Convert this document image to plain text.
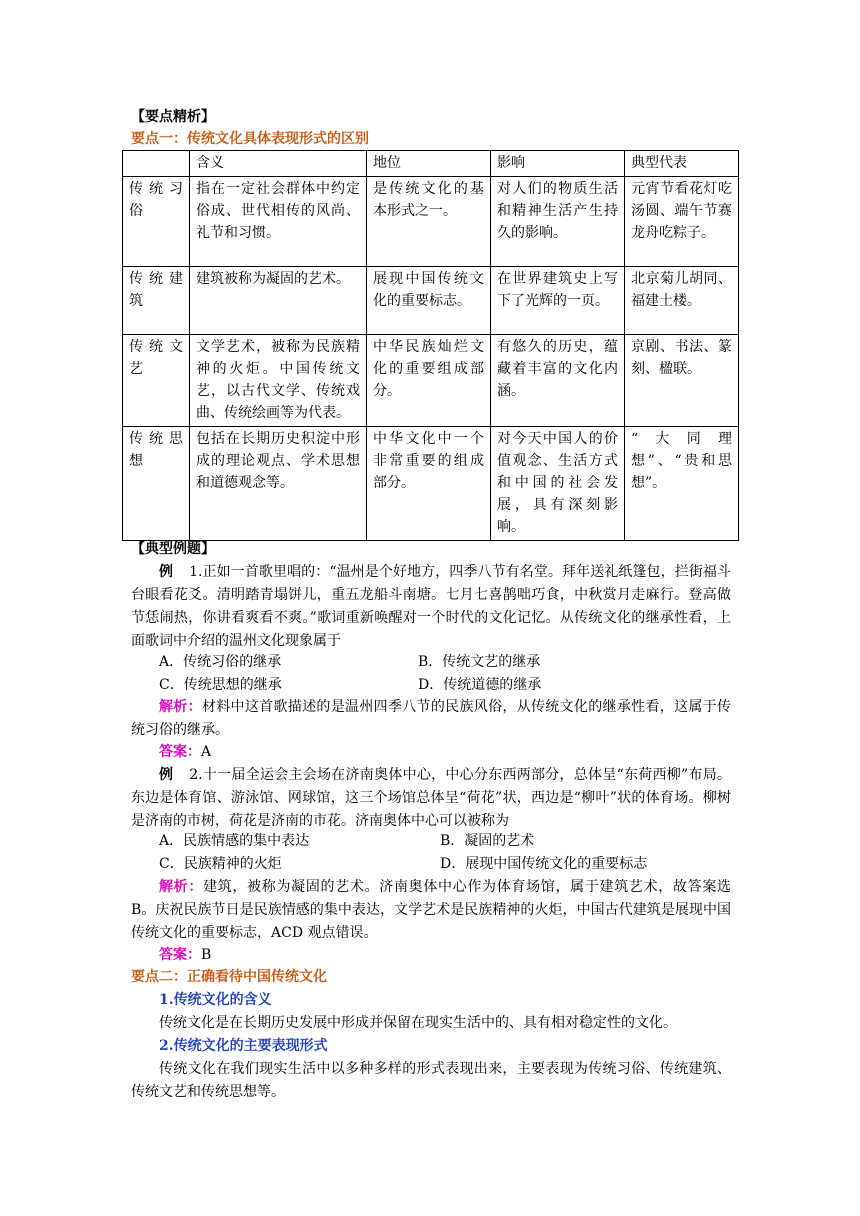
【要点精析】
要点一：传统文化具体表现形式的区别
	含义	地位	影响	典型代表
传统习俗	指在一定社会群体中约定俗成、世代相传的风尚、礼节和习惯。	是传统文化的基本形式之一。	对人们的物质生活和精神生活产生持久的影响。	元宵节看花灯吃汤圆、端午节赛龙舟吃粽子。
传统建筑	建筑被称为凝固的艺术。	展现中国传统文化的重要标志。	在世界建筑史上写下了光辉的一页。	北京菊儿胡同、福建土楼。
传统文艺	文学艺术，被称为民族精神的火炬。中国传统文艺，以古代文学、传统戏曲、传统绘画等为代表。	中华民族灿烂文化的重要组成部分。	有悠久的历史，蕴藏着丰富的文化内涵。	京剧、书法、篆刻、楹联。
传统思想	包括在长期历史积淀中形成的理论观点、学术思想和道德观念等。	中华文化中一个非常重要的组成部分。	对今天中国人的价值观念、生活方式和中国的社会发展，具有深刻影响。	“大同理想”、“贵和思想”。
【典型例题】
例 1.正如一首歌里唱的：“温州是个好地方，四季八节有名堂。拜年送礼纸篷包，拦街福斗台眼看花爻。清明踏青塌饼儿，重五龙船斗南塘。七月七喜鹊咄巧食，中秋赏月走麻行。登高做节恁闹热，你讲看爽看不爽。”歌词重新唤醒对一个时代的文化记忆。从传统文化的继承性看，上面歌词中介绍的温州文化现象属于
A．传统习俗的继承	B．传统文艺的继承
C．传统思想的继承	D．传统道德的继承
解析：材料中这首歌描述的是温州四季八节的民族风俗，从传统文化的继承性看，这属于传统习俗的继承。
答案：A
例 2.十一届全运会主会场在济南奥体中心，中心分东西两部分，总体呈“东荷西柳”布局。东边是体育馆、游泳馆、网球馆，这三个场馆总体呈“荷花”状，西边是“柳叶”状的体育场。柳树是济南的市树，荷花是济南的市花。济南奥体中心可以被称为
A．民族情感的集中表达	B．凝固的艺术
C．民族精神的火炬	D．展现中国传统文化的重要标志
解析：建筑，被称为凝固的艺术。济南奥体中心作为体育场馆，属于建筑艺术，故答案选 B。庆祝民族节日是民族情感的集中表达，文学艺术是民族精神的火炬，中国古代建筑是展现中国传统文化的重要标志，ACD 观点错误。
答案：B
要点二：正确看待中国传统文化
1.传统文化的含义
传统文化是在长期历史发展中形成并保留在现实生活中的、具有相对稳定性的文化。
2.传统文化的主要表现形式
传统文化在我们现实生活中以多种多样的形式表现出来，主要表现为传统习俗、传统建筑、传统文艺和传统思想等。
